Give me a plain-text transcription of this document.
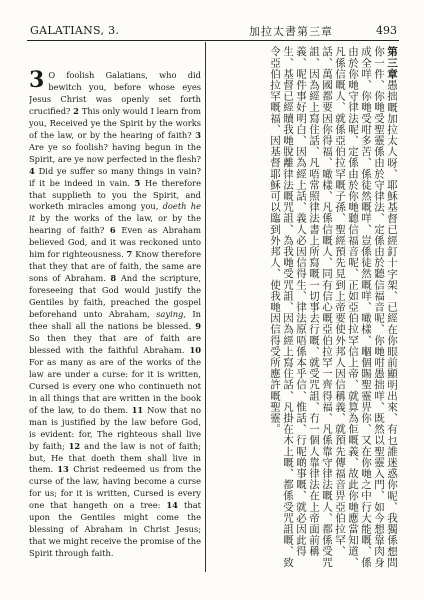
GALATIANS, 3.	加拉太書第三章	493
3 O foolish Galatians, who did bewitch you, before whose eyes Jesus Christ was openly set forth crucified? 2 This only would I learn from you, Received ye the Spirit by the works of the law, or by the hearing of faith? 3 Are ye so foolish? having begun in the Spirit, are ye now perfected in the flesh? 4 Did ye suffer so many things in vain? if it be indeed in vain. 5 He therefore that supplieth to you the Spirit, and worketh miracles among you, doeth he it by the works of the law, or by the hearing of faith? 6 Even as Abraham believed God, and it was reckoned unto him for righteousness. 7 Know therefore that they that are of faith, the same are sons of Abraham. 8 And the scripture, foreseeing that God would justify the Gentiles by faith, preached the gospel beforehand unto Abraham, saying, In thee shall all the nations be blessed. 9 So then they that are of faith are blessed with the faithful Abraham. 10 For as many as are of the works of the law are under a curse: for it is written, Cursed is every one who continueth not in all things that are written in the book of the law, to do them. 11 Now that no man is justified by the law before God, is evident: for, The righteous shall live by faith; 12 and the law is not of faith; but, He that doeth them shall live in them. 13 Christ redeemed us from the curse of the law, having become a curse for us; for it is written, Cursed is every one that hangeth on a tree: 14 that upon the Gentiles might come the blessing of Abraham in Christ Jesus; that we might receive the promise of the Spirit through faith.
第三章愚拙嘅加拉太人呀、耶穌基督已經釘十字架、已經在你眼前顯明出來、有乜誰迷惑你呢、我獨係想問你一件、你哋受聖靈係由於守律法、定係由於聽信福音呢、你哋咁愚拙咩、既然以聖靈入門、如今想靠肉身成全咩、你哋受咁多苦、係徒然嘅咩、豈係徒然嘅咩、噉樣、嗰個賜聖靈畀你、又在你哋之中行大能嘅、係由於你哋守律法呢、定係由於你哋聽信福音呢、正如亞伯拉罕信上帝、就算為佢嘅義、故此你哋應當知道、凡係信嘅人、就係亞伯拉罕嘅子孫、聖經預先見到上帝要使外邦人因信稱義、就預先傳福音畀亞伯拉罕、話、萬國都要因你得福、噉樣、凡係信嘅人、同有信心嘅亞伯拉罕一齊得福、凡係靠守律法嘅人、都係受咒詛、因為經上寫住話、凡唔常照律法書上所寫嘅一切事去行嘅、就受咒詛、冇一個人靠律法在上帝面前稱義、呢件事好明白、因為經上話、義人必因信得生、律法原唔係本乎信、惟話、行呢啲事嘅、就必因此得生、基督已經贖我哋脫離律法嘅咒詛、為我哋受咒詛、因為經上寫住話、凡掛在木上嘅、都係受咒詛嘅、致令亞伯拉罕嘅福、因基督耶穌可以臨到外邦人、使我哋因信得受所應許嘅聖靈。
